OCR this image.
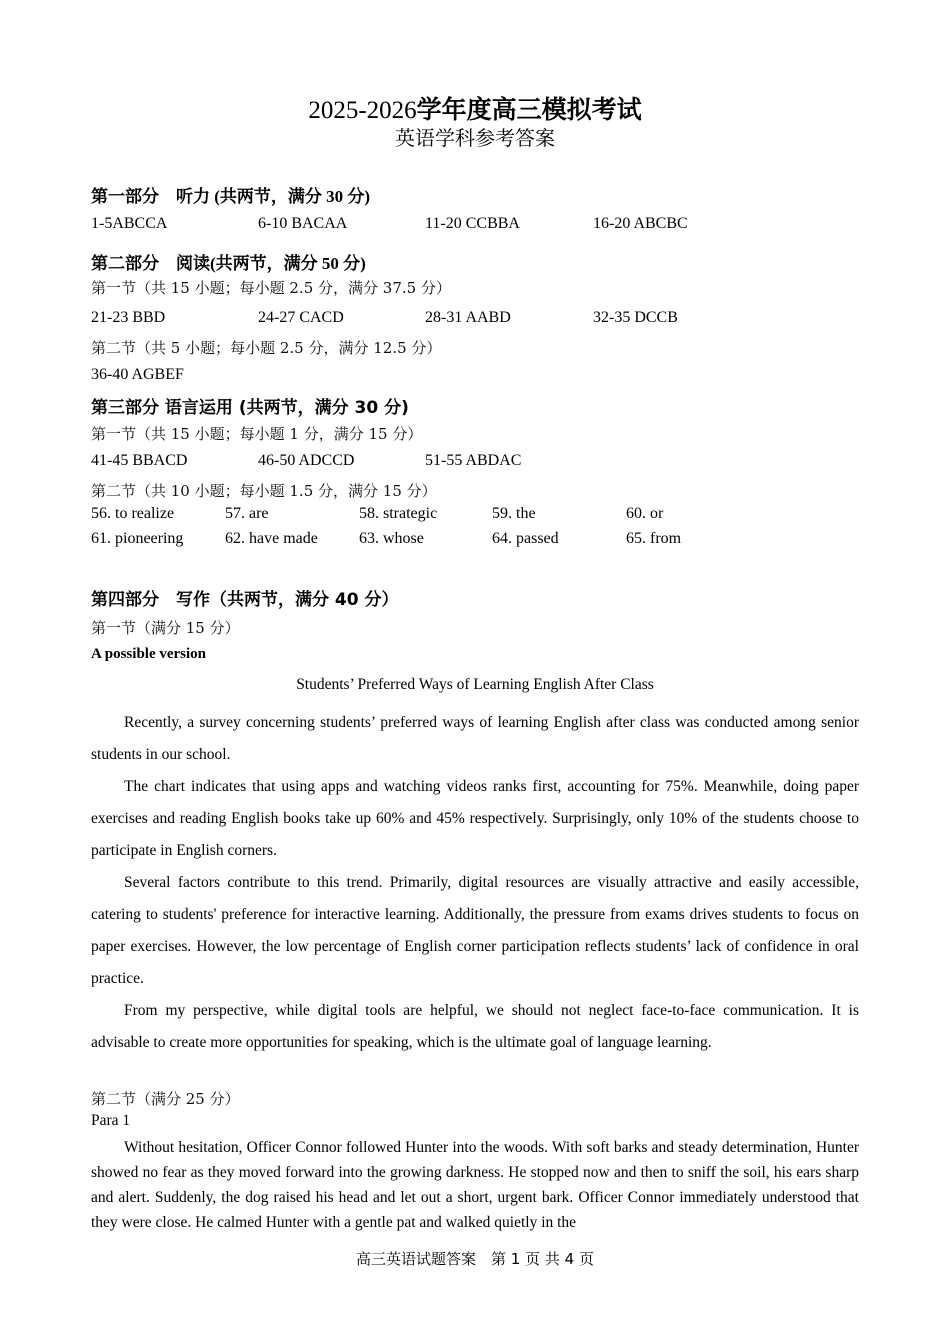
2025-2026学年度高三模拟考试
英语学科参考答案
第一部分　听力 (共两节，满分 30 分)
1-5ABCCA	6-10 BACAA	11-20 CCBBA	16-20 ABCBC
第二部分　阅读(共两节，满分 50 分)
第一节（共 15 小题；每小题 2.5 分，满分 37.5 分）
21-23 BBD	24-27 CACD	28-31 AABD	32-35 DCCB
第二节（共 5 小题；每小题 2.5 分，满分 12.5 分）
36-40 AGBEF
第三部分 语言运用 (共两节，满分 30 分)
第一节（共 15 小题；每小题 1 分，满分 15 分）
41-45 BBACD	46-50 ADCCD	51-55 ABDAC
第二节（共 10 小题；每小题 1.5 分，满分 15 分）
56. to realize	57. are	58. strategic	59. the	60. or
61. pioneering	62. have made	63. whose	64. passed	65. from
第四部分　写作（共两节，满分 40 分）
第一节（满分 15 分）
A possible version
Students’ Preferred Ways of Learning English After Class
Recently, a survey concerning students’ preferred ways of learning English after class was conducted among senior students in our school.
The chart indicates that using apps and watching videos ranks first, accounting for 75%. Meanwhile, doing paper exercises and reading English books take up 60% and 45% respectively. Surprisingly, only 10% of the students choose to participate in English corners.
Several factors contribute to this trend. Primarily, digital resources are visually attractive and easily accessible, catering to students' preference for interactive learning. Additionally, the pressure from exams drives students to focus on paper exercises. However, the low percentage of English corner participation reflects students’ lack of confidence in oral practice.
From my perspective, while digital tools are helpful, we should not neglect face-to-face communication. It is advisable to create more opportunities for speaking, which is the ultimate goal of language learning.
第二节（满分 25 分）
Para 1
Without hesitation, Officer Connor followed Hunter into the woods. With soft barks and steady determination, Hunter showed no fear as they moved forward into the growing darkness. He stopped now and then to sniff the soil, his ears sharp and alert. Suddenly, the dog raised his head and let out a short, urgent bark. Officer Connor immediately understood that they were close. He calmed Hunter with a gentle pat and walked quietly in the
高三英语试题答案　第 1 页 共 4 页
